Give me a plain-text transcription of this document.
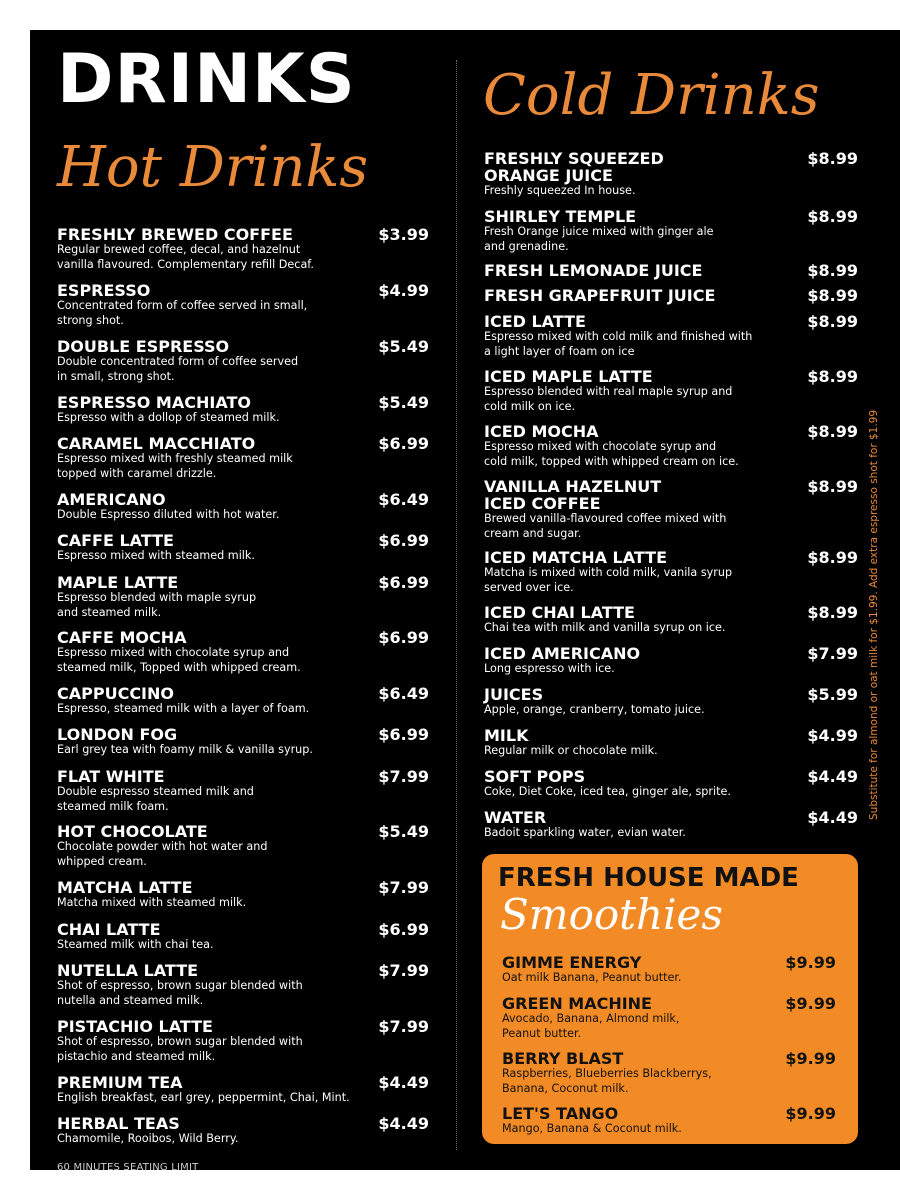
DRINKS
Hot Drinks
Cold Drinks
FRESHLY BREWED COFFEE	$3.99
Regular brewed coffee, decal, and hazelnut
vanilla flavoured. Complementary refill Decaf.
ESPRESSO	$4.99
Concentrated form of coffee served in small,
strong shot.
DOUBLE ESPRESSO	$5.49
Double concentrated form of coffee served
in small, strong shot.
ESPRESSO MACHIATO	$5.49
Espresso with a dollop of steamed milk.
CARAMEL MACCHIATO	$6.99
Espresso mixed with freshly steamed milk
topped with caramel drizzle.
AMERICANO	$6.49
Double Espresso diluted with hot water.
CAFFE LATTE	$6.99
Espresso mixed with steamed milk.
MAPLE LATTE	$6.99
Espresso blended with maple syrup
and steamed milk.
CAFFE MOCHA	$6.99
Espresso mixed with chocolate syrup and
steamed milk, Topped with whipped cream.
CAPPUCCINO	$6.49
Espresso, steamed milk with a layer of foam.
LONDON FOG	$6.99
Earl grey tea with foamy milk & vanilla syrup.
FLAT WHITE	$7.99
Double espresso steamed milk and
steamed milk foam.
HOT CHOCOLATE	$5.49
Chocolate powder with hot water and
whipped cream.
MATCHA LATTE	$7.99
Matcha mixed with steamed milk.
CHAI LATTE	$6.99
Steamed milk with chai tea.
NUTELLA LATTE	$7.99
Shot of espresso, brown sugar blended with
nutella and steamed milk.
PISTACHIO LATTE	$7.99
Shot of espresso, brown sugar blended with
pistachio and steamed milk.
PREMIUM TEA	$4.49
English breakfast, earl grey, peppermint, Chai, Mint.
HERBAL TEAS	$4.49
Chamomile, Rooibos, Wild Berry.
FRESHLY SQUEEZED
ORANGE JUICE
$8.99
Freshly squeezed In house.
SHIRLEY TEMPLE	$8.99
Fresh Orange juice mixed with ginger ale
and grenadine.
FRESH LEMONADE JUICE	$8.99
FRESH GRAPEFRUIT JUICE	$8.99
ICED LATTE	$8.99
Espresso mixed with cold milk and finished with
a light layer of foam on ice
ICED MAPLE LATTE	$8.99
Espresso blended with real maple syrup and
cold milk on ice.
ICED MOCHA	$8.99
Espresso mixed with chocolate syrup and
cold milk, topped with whipped cream on ice.
VANILLA HAZELNUT
ICED COFFEE
$8.99
Brewed vanilla-flavoured coffee mixed with
cream and sugar.
ICED MATCHA LATTE	$8.99
Matcha is mixed with cold milk, vanila syrup
served over ice.
ICED CHAI LATTE	$8.99
Chai tea with milk and vanilla syrup on ice.
ICED AMERICANO	$7.99
Long espresso with ice.
JUICES	$5.99
Apple, orange, cranberry, tomato juice.
MILK	$4.99
Regular milk or chocolate milk.
SOFT POPS	$4.49
Coke, Diet Coke, iced tea, ginger ale, sprite.
WATER	$4.49
Badoit sparkling water, evian water.
Substitute for almond or oat milk for $1.99. Add extra espresso shot for $1.99
FRESH HOUSE MADE
Smoothies
GIMME ENERGY	$9.99
Oat milk Banana, Peanut butter.
GREEN MACHINE	$9.99
Avocado, Banana, Almond milk,
Peanut butter.
BERRY BLAST	$9.99
Raspberries, Blueberries Blackberrys,
Banana, Coconut milk.
LET'S TANGO	$9.99
Mango, Banana & Coconut milk.
60 MINUTES SEATING LIMIT
